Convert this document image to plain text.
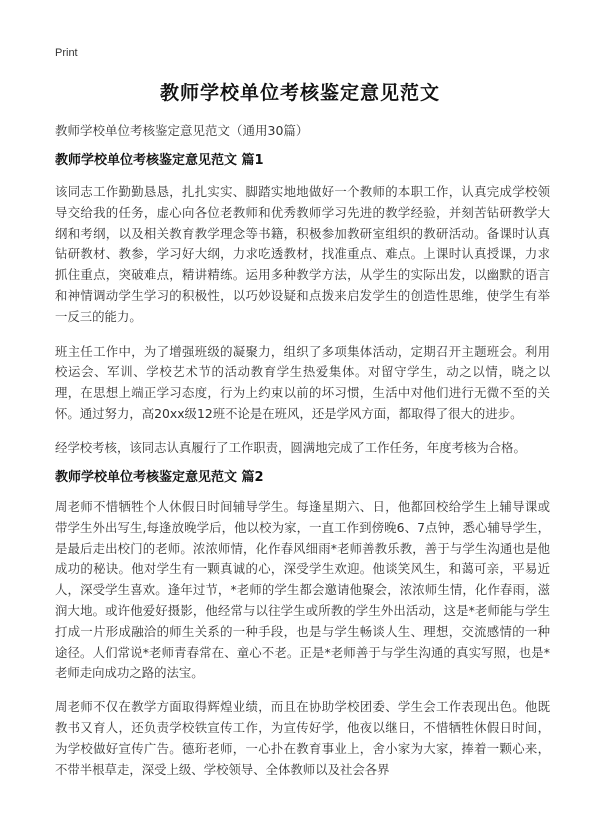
Print
教师学校单位考核鉴定意见范文
教师学校单位考核鉴定意见范文（通用30篇）
教师学校单位考核鉴定意见范文 篇1

该同志工作勤勤恳恳，扎扎实实、脚踏实地地做好一个教师的本职工作，认真完成学校领导交给我的任务，虚心向各位老教师和优秀教师学习先进的教学经验，并刻苦钻研教学大纲和考纲，以及相关教育教学理念等书籍，积极参加教研室组织的教研活动。备课时认真钻研教材、教参，学习好大纲，力求吃透教材，找准重点、难点。上课时认真授课，力求抓住重点，突破难点，精讲精练。运用多种教学方法，从学生的实际出发，以幽默的语言和神情调动学生学习的积极性，以巧妙设疑和点拨来启发学生的创造性思维，使学生有举一反三的能力。

班主任工作中，为了增强班级的凝聚力，组织了多项集体活动，定期召开主题班会。利用校运会、军训、学校艺术节的活动教育学生热爱集体。对留守学生，动之以情，晓之以理，在思想上端正学习态度，行为上约束以前的坏习惯，生活中对他们进行无微不至的关怀。通过努力，高20xx级12班不论是在班风，还是学风方面，都取得了很大的进步。

经学校考核，该同志认真履行了工作职责，圆满地完成了工作任务，年度考核为合格。

教师学校单位考核鉴定意见范文 篇2

周老师不惜牺牲个人休假日时间辅导学生。每逢星期六、日，他都回校给学生上辅导课或带学生外出写生,每逢放晚学后，他以校为家，一直工作到傍晚6、7点钟，悉心辅导学生，是最后走出校门的老师。浓浓师情，化作春风细雨*老师善教乐教，善于与学生沟通也是他成功的秘诀。他对学生有一颗真诚的心，深受学生欢迎。他谈笑风生，和蔼可亲，平易近人，深受学生喜欢。逢年过节，*老师的学生都会邀请他聚会，浓浓师生情，化作春雨，滋润大地。或许他爱好摄影，他经常与以往学生或所教的学生外出活动，这是*老师能与学生打成一片形成融洽的师生关系的一种手段，也是与学生畅谈人生、理想，交流感情的一种途径。人们常说*老师青春常在、童心不老。正是*老师善于与学生沟通的真实写照，也是*老师走向成功之路的法宝。

周老师不仅在教学方面取得辉煌业绩，而且在协助学校团委、学生会工作表现出色。他既教书又育人，还负责学校铁宣传工作，为宣传好学，他夜以继日，不惜牺牲休假日时间，为学校做好宣传广告。德珩老师，一心扑在教育事业上，舍小家为大家，捧着一颗心来，不带半根草走，深受上级、学校领导、全体教师以及社会各界
